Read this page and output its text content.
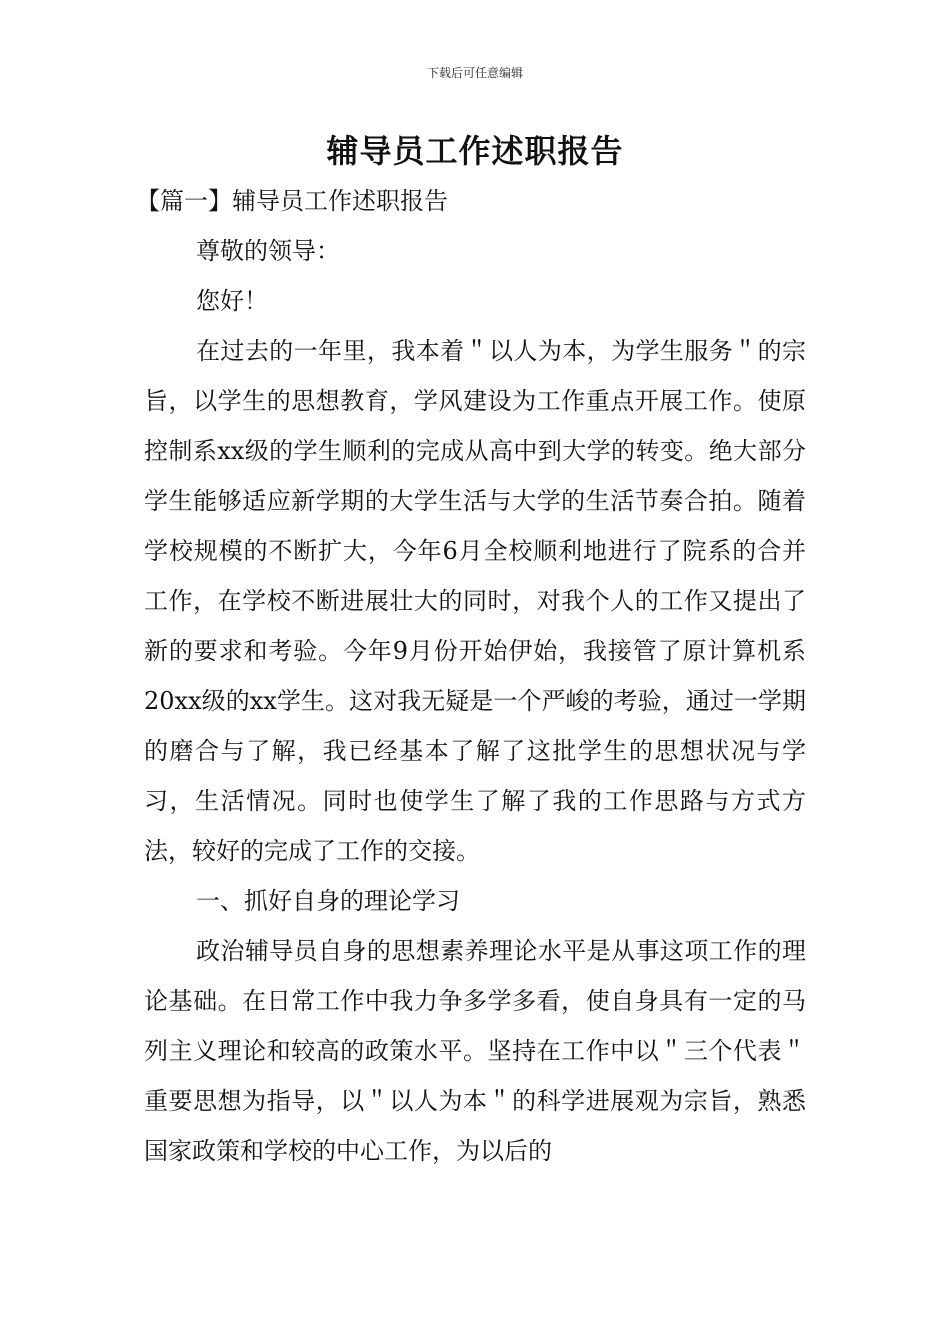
下载后可任意编辑
辅导员工作述职报告

【篇一】辅导员工作述职报告

尊敬的领导：

您好！

在过去的一年里，我本着＂以人为本，为学生服务＂的宗旨，以学生的思想教育，学风建设为工作重点开展工作。使原控制系xx级的学生顺利的完成从高中到大学的转变。绝大部分学生能够适应新学期的大学生活与大学的生活节奏合拍。随着学校规模的不断扩大，今年6月全校顺利地进行了院系的合并工作，在学校不断进展壮大的同时，对我个人的工作又提出了新的要求和考验。今年9月份开始伊始，我接管了原计算机系20xx级的xx学生。这对我无疑是一个严峻的考验，通过一学期的磨合与了解，我已经基本了解了这批学生的思想状况与学习，生活情况。同时也使学生了解了我的工作思路与方式方法，较好的完成了工作的交接。

一、抓好自身的理论学习

政治辅导员自身的思想素养理论水平是从事这项工作的理论基础。在日常工作中我力争多学多看，使自身具有一定的马列主义理论和较高的政策水平。坚持在工作中以＂三个代表＂重要思想为指导，以＂以人为本＂的科学进展观为宗旨，熟悉国家政策和学校的中心工作，为以后的
